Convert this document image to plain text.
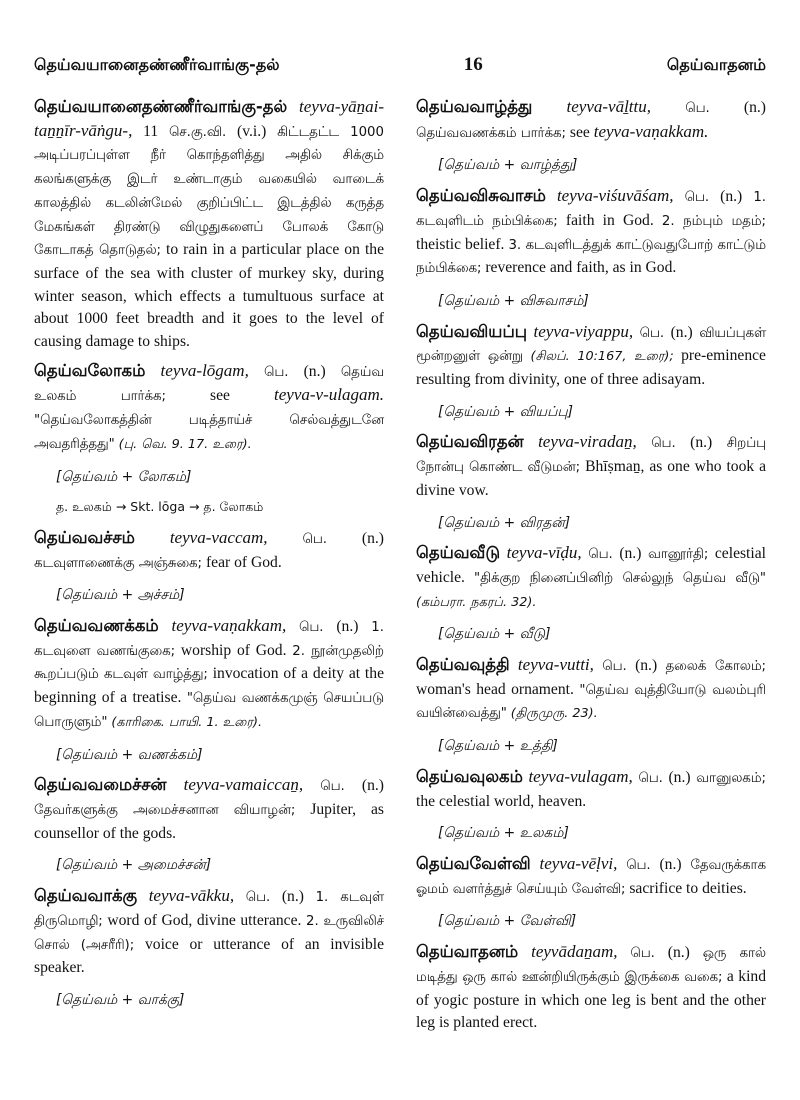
தெய்வயானைதண்ணீர்வாங்கு-தல்	16	தெய்வாதனம்

தெய்வயானைதண்ணீர்வாங்கு-தல் teyva-yāṉai-taṉṉīr-vāṅgu-, 11 செ.கு.வி. (v.i.) கிட்டதட்ட 1000 அடிப்பரப்புள்ள நீர் கொந்தளித்து அதில் சிக்கும் கலங்களுக்கு இடர் உண்டாகும் வகையில் வாடைக் காலத்தில் கடலின்மேல் குறிப்பிட்ட இடத்தில் கருத்த மேகங்கள் திரண்டு விழுதுகளைப் போலக் கோடு கோடாகத் தொடுதல்; to rain in a particular place on the surface of the sea with cluster of murkey sky, during winter season, which effects a tumultuous surface at about 1000 feet breadth and it goes to the level of causing damage to ships.

தெய்வலோகம் teyva-lōgam, பெ. (n.) தெய்வ உலகம் பார்க்க;	see	teyva-v-ulagam. "தெய்வலோகத்தின் படித்தாய்ச் செல்வத்துடனே அவதரித்தது" (பு. வெ. 9. 17. உரை).

[தெய்வம் + லோகம்]
த. உலகம் → Skt. lōga → த. லோகம்

தெய்வவச்சம் teyva-vaccam,	பெ. (n.) கடவுளாணைக்கு அஞ்சுகை; fear of God.

[தெய்வம் + அச்சம்]

தெய்வவணக்கம் teyva-vaṇakkam, பெ. (n.) 1. கடவுளை வணங்குகை; worship of God. 2. நூன்முதலிற் கூறப்படும் கடவுள் வாழ்த்து; invocation of a deity at the beginning of a treatise. "தெய்வ வணக்கமுஞ் செயப்படு பொருளும்" (காரிகை. பாயி. 1. உரை).

[தெய்வம் + வணக்கம்]

தெய்வவமைச்சன் teyva-vamaiccaṉ, பெ. (n.) தேவர்களுக்கு அமைச்சனான வியாழன்; Jupiter, as counsellor of the gods.

[தெய்வம் + அமைச்சன்]

தெய்வவாக்கு teyva-vākku, பெ. (n.) 1. கடவுள் திருமொழி; word of God, divine utterance. 2. உருவிலிச் சொல் (அசரீரி); voice or utterance of an invisible speaker.

[தெய்வம் + வாக்கு]

தெய்வவாழ்த்து teyva-vāḻttu,	பெ. (n.) தெய்வவணக்கம் பார்க்க; see teyva-vaṇakkam.

[தெய்வம் + வாழ்த்து]

தெய்வவிசுவாசம் teyva-viśuvāśam, பெ. (n.) 1. கடவுளிடம் நம்பிக்கை; faith in God. 2. நம்பும் மதம்; theistic belief. 3. கடவுளிடத்துக் காட்டுவதுபோற் காட்டும் நம்பிக்கை; reverence and faith, as in God.

[தெய்வம் + விசுவாசம்]

தெய்வவியப்பு teyva-viyappu, பெ. (n.) வியப்புகள் மூன்றனுள் ஒன்று (சிலப். 10:167, உரை); pre-eminence resulting from divinity, one of three adisayam.

[தெய்வம் + வியப்பு]

தெய்வவிரதன் teyva-viradaṉ, பெ. (n.) சிறப்பு நோன்பு கொண்ட வீடுமன்; Bhīṣmaṉ, as one who took a divine vow.

[தெய்வம் + விரதன்]

தெய்வவீடு teyva-vīḍu, பெ. (n.) வானூர்தி; celestial vehicle. "திக்குற நினைப்பினிற் செல்லுந் தெய்வ வீடு" (கம்பரா. நகரப். 32).

[தெய்வம் + வீடு]

தெய்வவுத்தி teyva-vutti, பெ. (n.) தலைக் கோலம்; woman's head ornament. "தெய்வ வுத்தியோடு வலம்புரி வயின்வைத்து" (திருமுரு. 23).

[தெய்வம் + உத்தி]

தெய்வவுலகம் teyva-vulagam, பெ. (n.) வானுலகம்; the celestial world, heaven.

[தெய்வம் + உலகம்]

தெய்வவேள்வி teyva-vēḷvi, பெ. (n.) தேவருக்காக ஓமம் வளர்த்துச் செய்யும் வேள்வி; sacrifice to deities.

[தெய்வம் + வேள்வி]

தெய்வாதனம் teyvādaṉam, பெ. (n.) ஒரு கால் மடித்து ஒரு கால் ஊன்றியிருக்கும் இருக்கை வகை; a kind of yogic posture in which one leg is bent and the other leg is planted erect.
